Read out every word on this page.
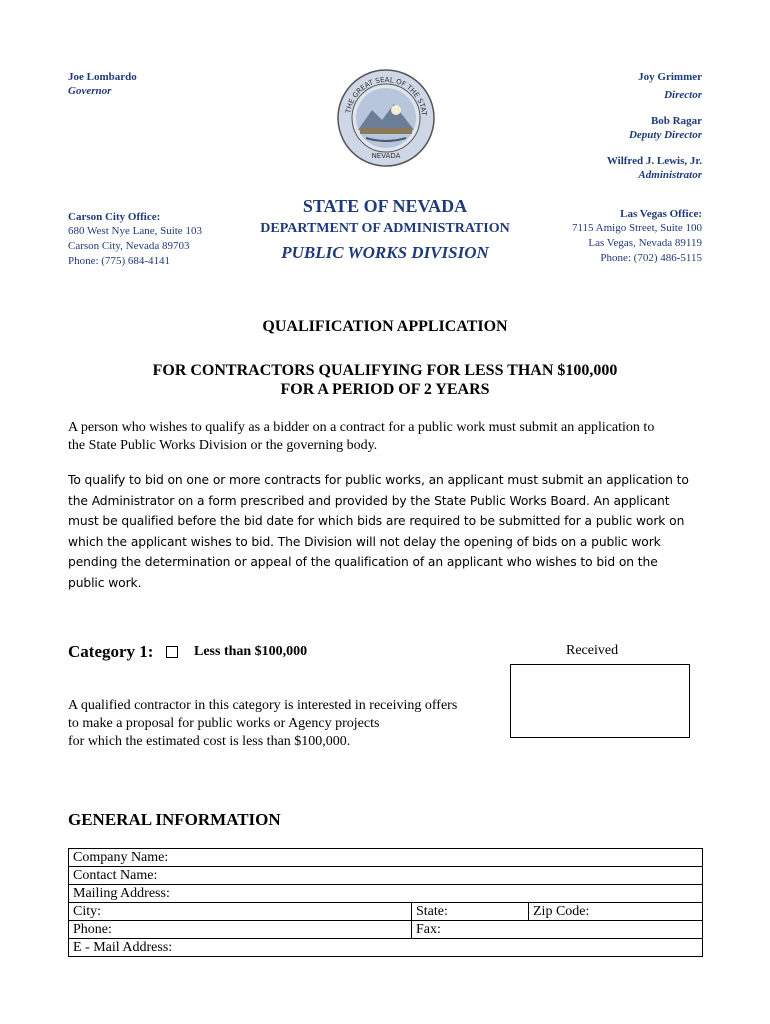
Joe Lombardo
Governor
THE GREAT SEAL OF THE STAT
NEVADA
Joy Grimmer
Director
Bob Ragar
Deputy Director
Wilfred J. Lewis, Jr.
Administrator
Carson City Office:
680 West Nye Lane, Suite 103
Carson City, Nevada 89703
Phone: (775) 684-4141
STATE OF NEVADA
DEPARTMENT OF ADMINISTRATION
PUBLIC WORKS DIVISION
Las Vegas Office:
7115 Amigo Street, Suite 100
Las Vegas, Nevada 89119
Phone: (702) 486-5115
QUALIFICATION APPLICATION
FOR CONTRACTORS QUALIFYING FOR LESS THAN $100,000
FOR A PERIOD OF 2 YEARS
A person who wishes to qualify as a bidder on a contract for a public work must submit an application to
the State Public Works Division or the governing body.
To qualify to bid on one or more contracts for public works, an applicant must submit an application to
the Administrator on a form prescribed and provided by the State Public Works Board. An applicant
must be qualified before the bid date for which bids are required to be submitted for a public work on
which the applicant wishes to bid. The Division will not delay the opening of bids on a public work
pending the determination or appeal of the qualification of an applicant who wishes to bid on the
public work.
Category 1:	Less than $100,000	Received
A qualified contractor in this category is interested in receiving offers
to make a proposal for public works or Agency projects
for which the estimated cost is less than $100,000.
GENERAL INFORMATION
Company Name:		
Contact Name:		
Mailing Address:		
City:	State:	Zip Code:
Phone:	Fax:	
E - Mail Address:		
